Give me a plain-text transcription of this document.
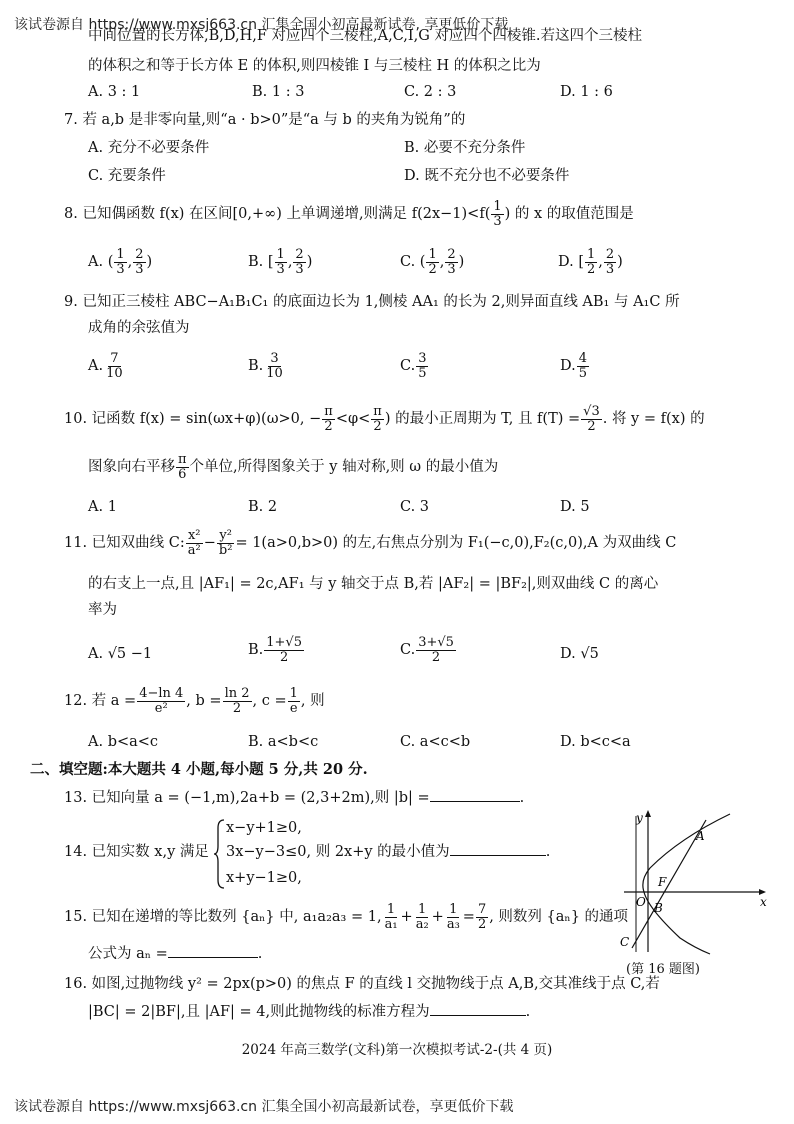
该试卷源自 https://www.mxsj663.cn 汇集全国小初高最新试卷, 享更低价下载
中间位置的长方体,B,D,H,F 对应四个三棱柱,A,C,I,G 对应四个四棱锥.若这四个三棱柱
的体积之和等于长方体 E 的体积,则四棱锥 I 与三棱柱 H 的体积之比为
A. 3 : 1	B. 1 : 3	C. 2 : 3	D. 1 : 6
7. 若 a,b 是非零向量,则“a · b>0”是“a 与 b 的夹角为锐角”的
A. 充分不必要条件	B. 必要不充分条件
C. 充要条件	D. 既不充分也不必要条件
8. 已知偶函数 f(x) 在区间[0,+∞) 上单调递增,则满足 $f(2x-1)<f( \frac{1}{3}$ ) 的 x 的取值范围是
A. ( $\frac{1}{3}$ , $\frac{2}{3}$ )	B. [ $\frac{1}{3}$ , $\frac{2}{3}$ )	C. ( $\frac{1}{2}$ , $\frac{2}{3}$ )	D. [ $\frac{1}{2}$ , $\frac{2}{3}$ )
9. 已知正三棱柱 ABC−A₁B₁C₁ 的底面边长为 1,侧棱 AA₁ 的长为 2,则异面直线 AB₁ 与 A₁C 所
成角的余弦值为
A. $\frac{7}{10}$	B. $\frac{3}{10}$	C. $\frac{3}{5}$	D. $\frac{4}{5}$
10. 记函数 f(x) = sin(ωx+φ)(ω>0, − $\frac{\pi}{2} <\varphi< \frac{\pi}{2}$ ) 的最小正周期为 T, 且 $f(T) = \frac{√3}{2}$ . 将 y = f(x) 的
图象向右平移 $\frac{\pi}{6}$ 个单位,所得图象关于 y 轴对称,则 ω 的最小值为
A. 1	B. 2	C. 3	D. 5
11. 已知双曲线 C: $\frac{\text{x²}}{\text{a²}} - \frac{\text{y²}}{\text{b²}} = 1(a>0,b>0)$ 的左,右焦点分别为 F₁(−c,0),F₂(c,0),A 为双曲线 C
的右支上一点,且 |AF₁| = 2c,AF₁ 与 y 轴交于点 B,若 |AF₂| = |BF₂|,则双曲线 C 的离心
率为
A. √5 −1	B. $\frac{1+√5}{2}$	C. $\frac{3+√5}{2}$	D. √5
12. 若 $a = \frac{4-\ln 4}{\text{e²}}$ , $b = \frac{\ln 2}{2}$ , $c = \frac{1}{e}$ , 则
A. b<a<c	B. a<b<c	C. a<c<b	D. b<c<a
二、填空题:本大题共 4 小题,每小题 5 分,共 20 分.
13. 已知向量 a = (−1,m),2a+b = (2,3+2m),则 |b| =	.
14. 已知实数 x,y 满足
x−y+1≥0,
3x−y−3≤0, 则 2x+y 的最小值为	.
x+y−1≥0,
15. 已知在递增的等比数列 {aₙ} 中, a₁a₂a₃ = 1, $\frac{1}{\text{a₁}} + \frac{1}{\text{a₂}} + \frac{1}{\text{a₃}} = \frac{7}{2}$ , 则数列 {aₙ} 的通项
公式为 aₙ =	.
16. 如图,过抛物线 y² = 2px(p>0) 的焦点 F 的直线 l 交抛物线于点 A,B,交其准线于点 C,若
|BC| = 2|BF|,且 |AF| = 4,则此抛物线的标准方程为	.
y
x
O
A
F
B
C
(第 16 题图)
2024 年高三数学(文科)第一次模拟考试-2-(共 4 页)
该试卷源自 https://www.mxsj663.cn 汇集全国小初高最新试卷，享更低价下载
